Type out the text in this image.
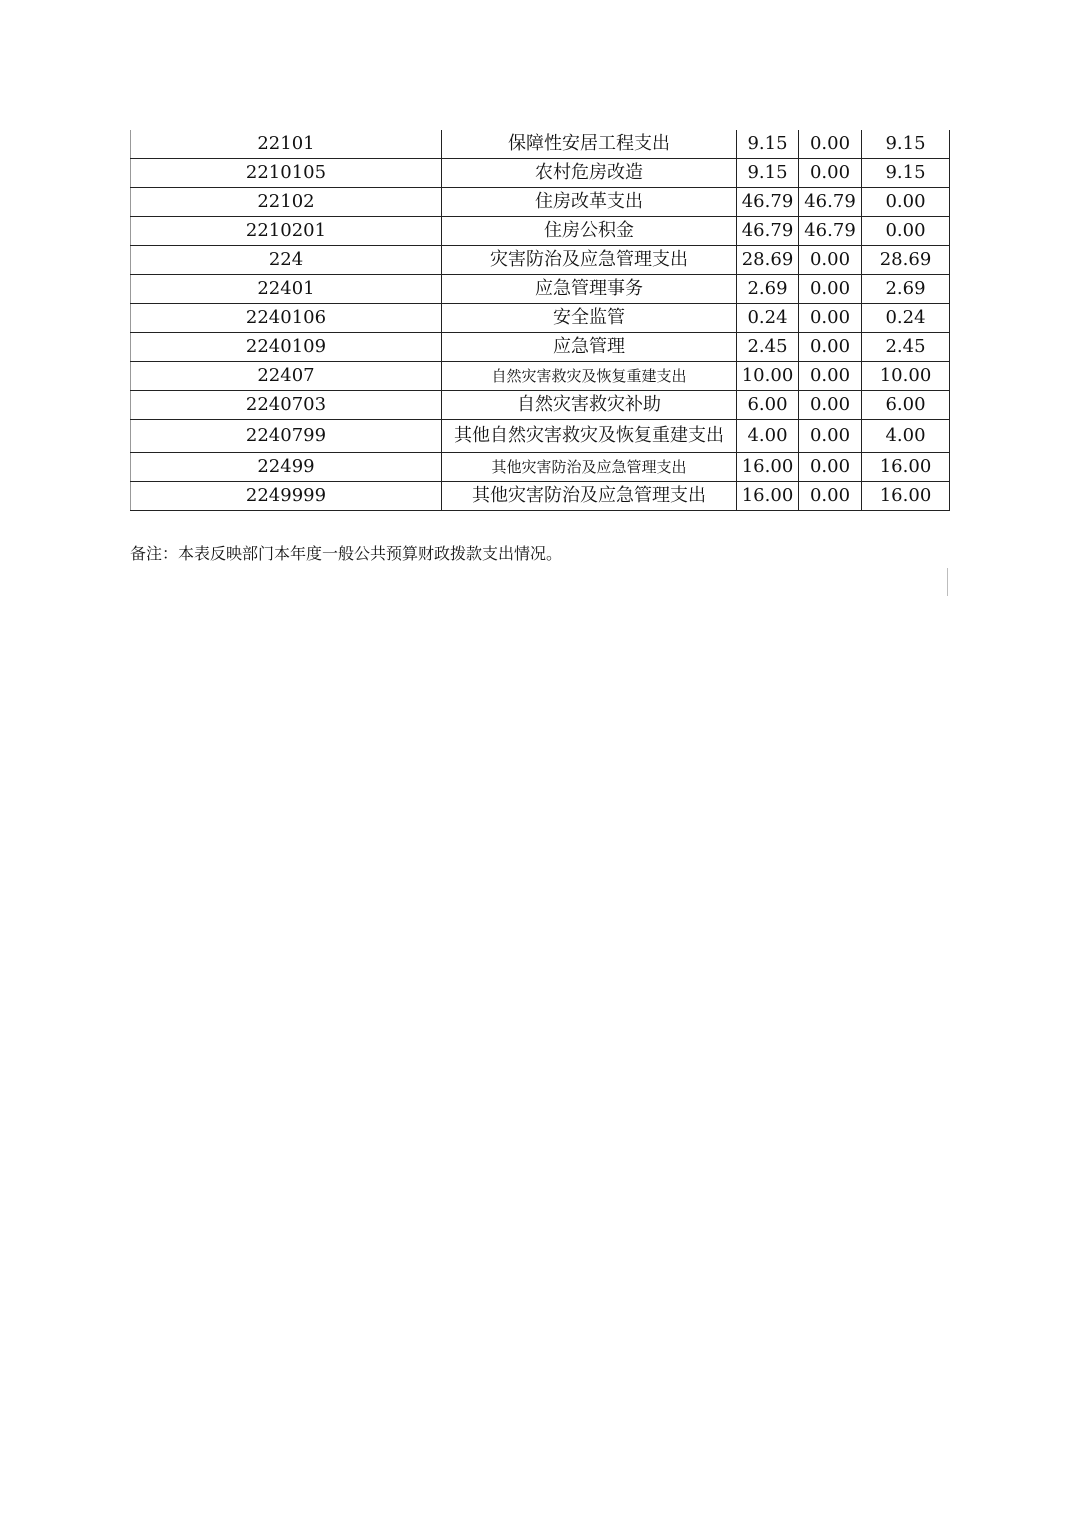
22101	保障性安居工程支出	9.15	0.00	9.15
2210105	农村危房改造	9.15	0.00	9.15
22102	住房改革支出	46.79	46.79	0.00
2210201	住房公积金	46.79	46.79	0.00
224	灾害防治及应急管理支出	28.69	0.00	28.69
22401	应急管理事务	2.69	0.00	2.69
2240106	安全监管	0.24	0.00	0.24
2240109	应急管理	2.45	0.00	2.45
22407	自然灾害救灾及恢复重建支出	10.00	0.00	10.00
2240703	自然灾害救灾补助	6.00	0.00	6.00
2240799	其他自然灾害救灾及恢复重建支出	4.00	0.00	4.00
22499	其他灾害防治及应急管理支出	16.00	0.00	16.00
2249999	其他灾害防治及应急管理支出	16.00	0.00	16.00
备注：本表反映部门本年度一般公共预算财政拨款支出情况。
